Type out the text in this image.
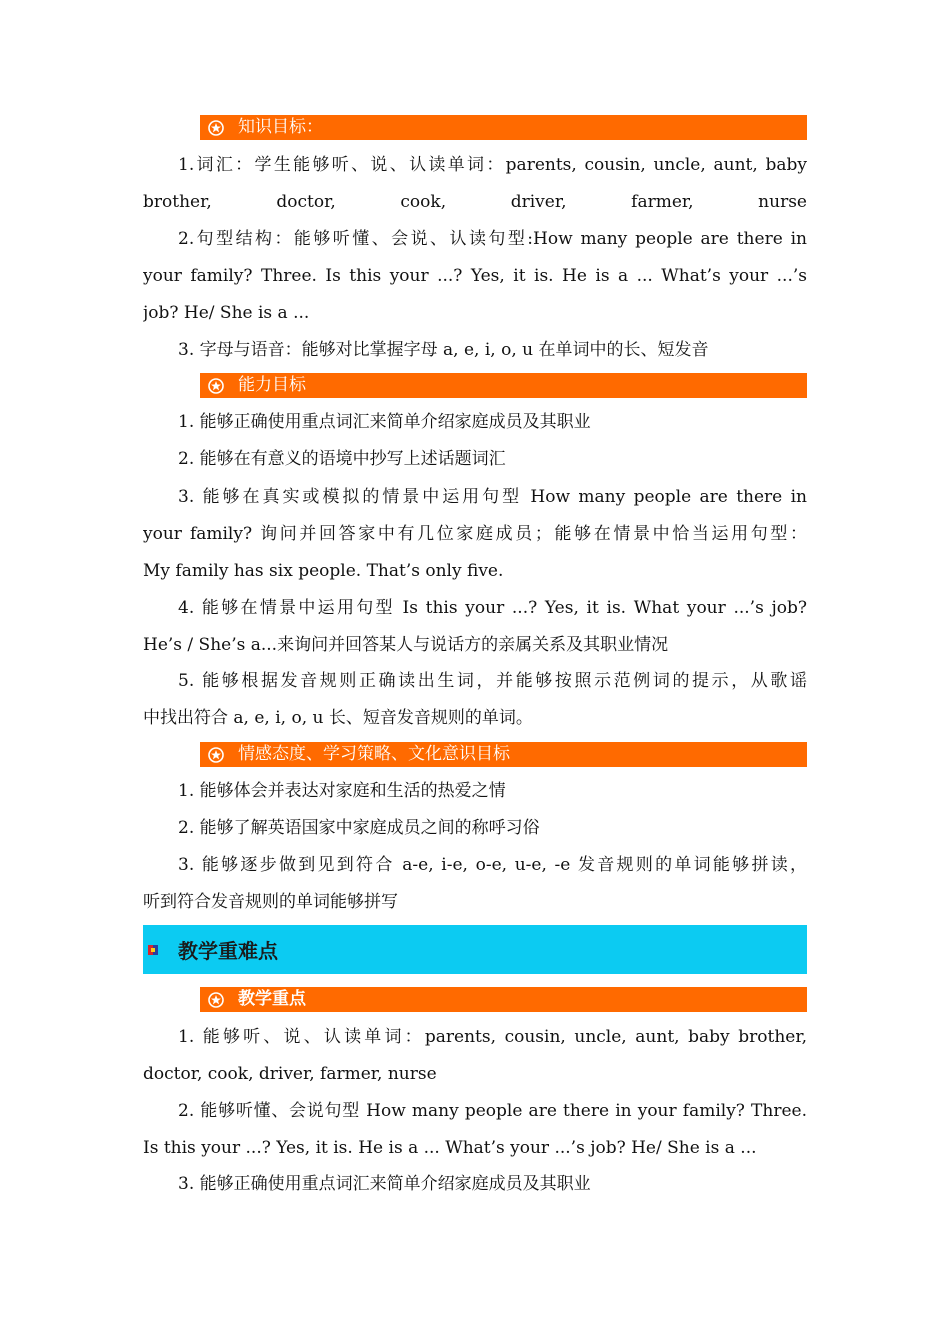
知识目标：
1.词汇：学生能够听、说、认读单词：parents, cousin, uncle, aunt, baby
brother, doctor, cook, driver, farmer, nurse
2.句型结构：能够听懂、会说、认读句型:How many people are there in
your family? Three. Is this your ...? Yes, it is. He is a ... What’s your ...’s
job? He/ She is a ...
3. 字母与语音：能够对比掌握字母 a, e, i, o, u 在单词中的长、短发音
能力目标
1. 能够正确使用重点词汇来简单介绍家庭成员及其职业
2. 能够在有意义的语境中抄写上述话题词汇
3. 能够在真实或模拟的情景中运用句型 How many people are there in
your family? 询问并回答家中有几位家庭成员；能够在情景中恰当运用句型：
My family has six people. That’s only five.
4. 能够在情景中运用句型 Is this your ...? Yes, it is. What your ...’s job?
He’s / She’s a...来询问并回答某人与说话方的亲属关系及其职业情况
5. 能够根据发音规则正确读出生词，并能够按照示范例词的提示，从歌谣
中找出符合 a, e, i, o, u 长、短音发音规则的单词。
情感态度、学习策略、文化意识目标
1. 能够体会并表达对家庭和生活的热爱之情
2. 能够了解英语国家中家庭成员之间的称呼习俗
3. 能够逐步做到见到符合 a-e, i-e, o-e, u-e, -e 发音规则的单词能够拼读，
听到符合发音规则的单词能够拼写
教学重难点
教学重点
1. 能够听、说、认读单词：parents, cousin, uncle, aunt, baby brother,
doctor, cook, driver, farmer, nurse
2. 能够听懂、会说句型 How many people are there in your family? Three.
Is this your ...? Yes, it is. He is a ... What’s your ...’s job? He/ She is a ...
3. 能够正确使用重点词汇来简单介绍家庭成员及其职业
